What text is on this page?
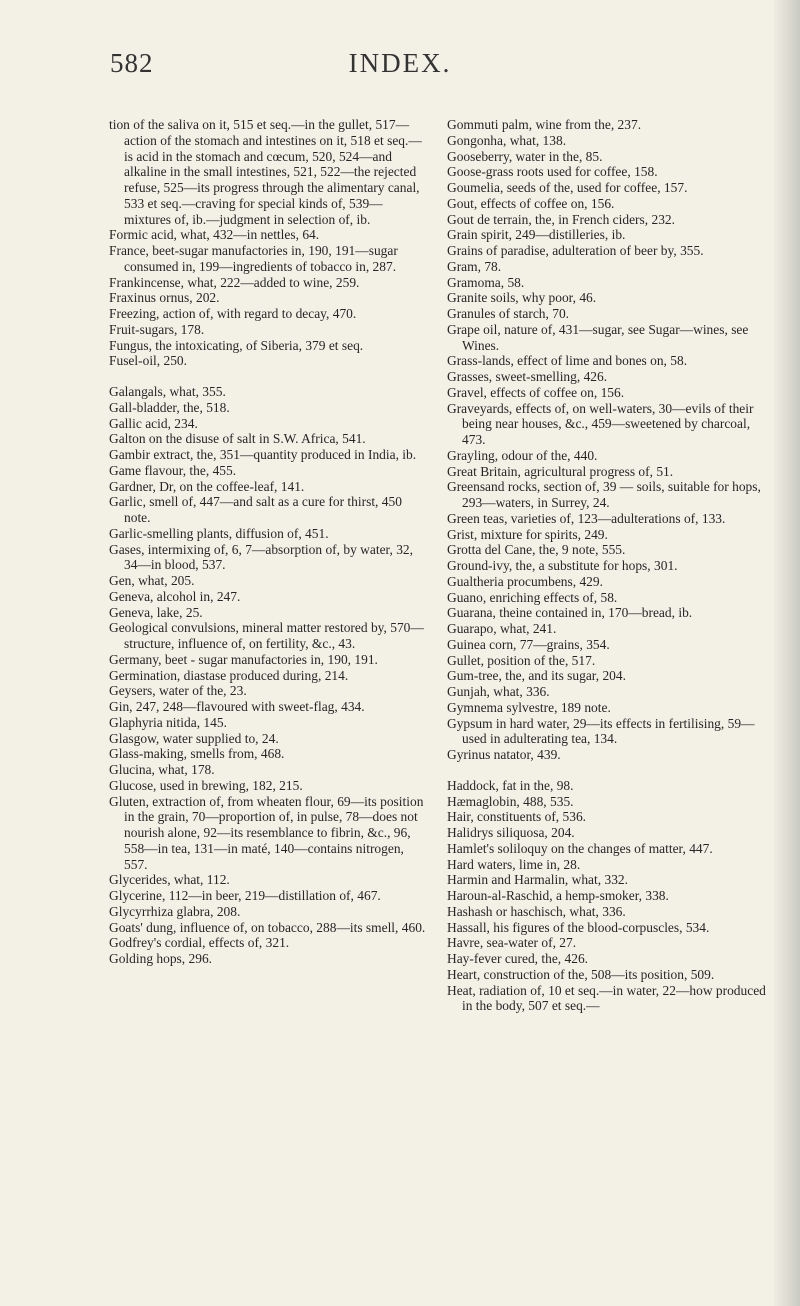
INDEX.
582

tion of the saliva on it, 515 et seq.—in the gullet, 517—action of the stomach and intestines on it, 518 et seq.—is acid in the stomach and cœcum, 520, 524—and alkaline in the small intestines, 521, 522—the rejected refuse, 525—its progress through the alimentary canal, 533 et seq.—craving for special kinds of, 539—mixtures of, ib.—judgment in selection of, ib.

Formic acid, what, 432—in nettles, 64.

France, beet-sugar manufactories in, 190, 191—sugar consumed in, 199—ingredients of tobacco in, 287.

Frankincense, what, 222—added to wine, 259.

Fraxinus ornus, 202.

Freezing, action of, with regard to decay, 470.

Fruit-sugars, 178.

Fungus, the intoxicating, of Siberia, 379 et seq.

Fusel-oil, 250.

Galangals, what, 355.

Gall-bladder, the, 518.

Gallic acid, 234.

Galton on the disuse of salt in S.W. Africa, 541.

Gambir extract, the, 351—quantity produced in India, ib.

Game flavour, the, 455.

Gardner, Dr, on the coffee-leaf, 141.

Garlic, smell of, 447—and salt as a cure for thirst, 450 note.

Garlic-smelling plants, diffusion of, 451.

Gases, intermixing of, 6, 7—absorption of, by water, 32, 34—in blood, 537.

Gen, what, 205.

Geneva, alcohol in, 247.

Geneva, lake, 25.

Geological convulsions, mineral matter restored by, 570—structure, influence of, on fertility, &c., 43.

Germany, beet - sugar manufactories in, 190, 191.

Germination, diastase produced during, 214.

Geysers, water of the, 23.

Gin, 247, 248—flavoured with sweet-flag, 434.

Glaphyria nitida, 145.

Glasgow, water supplied to, 24.

Glass-making, smells from, 468.

Glucina, what, 178.

Glucose, used in brewing, 182, 215.

Gluten, extraction of, from wheaten flour, 69—its position in the grain, 70—proportion of, in pulse, 78—does not nourish alone, 92—its resemblance to fibrin, &c., 96, 558—in tea, 131—in maté, 140—contains nitrogen, 557.

Glycerides, what, 112.

Glycerine, 112—in beer, 219—distillation of, 467.

Glycyrrhiza glabra, 208.

Goats' dung, influence of, on tobacco, 288—its smell, 460.

Godfrey's cordial, effects of, 321.

Golding hops, 296.

Gommuti palm, wine from the, 237.

Gongonha, what, 138.

Gooseberry, water in the, 85.

Goose-grass roots used for coffee, 158.

Goumelia, seeds of the, used for coffee, 157.

Gout, effects of coffee on, 156.

Gout de terrain, the, in French ciders, 232.

Grain spirit, 249—distilleries, ib.

Grains of paradise, adulteration of beer by, 355.

Gram, 78.

Gramoma, 58.

Granite soils, why poor, 46.

Granules of starch, 70.

Grape oil, nature of, 431—sugar, see Sugar—wines, see Wines.

Grass-lands, effect of lime and bones on, 58.

Grasses, sweet-smelling, 426.

Gravel, effects of coffee on, 156.

Graveyards, effects of, on well-waters, 30—evils of their being near houses, &c., 459—sweetened by charcoal, 473.

Grayling, odour of the, 440.

Great Britain, agricultural progress of, 51.

Greensand rocks, section of, 39 — soils, suitable for hops, 293—waters, in Surrey, 24.

Green teas, varieties of, 123—adulterations of, 133.

Grist, mixture for spirits, 249.

Grotta del Cane, the, 9 note, 555.

Ground-ivy, the, a substitute for hops, 301.

Gualtheria procumbens, 429.

Guano, enriching effects of, 58.

Guarana, theine contained in, 170—bread, ib.

Guarapo, what, 241.

Guinea corn, 77—grains, 354.

Gullet, position of the, 517.

Gum-tree, the, and its sugar, 204.

Gunjah, what, 336.

Gymnema sylvestre, 189 note.

Gypsum in hard water, 29—its effects in fertilising, 59—used in adulterating tea, 134.

Gyrinus natator, 439.

Haddock, fat in the, 98.

Hæmaglobin, 488, 535.

Hair, constituents of, 536.

Halidrys siliquosa, 204.

Hamlet's soliloquy on the changes of matter, 447.

Hard waters, lime in, 28.

Harmin and Harmalin, what, 332.

Haroun-al-Raschid, a hemp-smoker, 338.

Hashash or haschisch, what, 336.

Hassall, his figures of the blood-corpuscles, 534.

Havre, sea-water of, 27.

Hay-fever cured, the, 426.

Heart, construction of the, 508—its position, 509.

Heat, radiation of, 10 et seq.—in water, 22—how produced in the body, 507 et seq.—
